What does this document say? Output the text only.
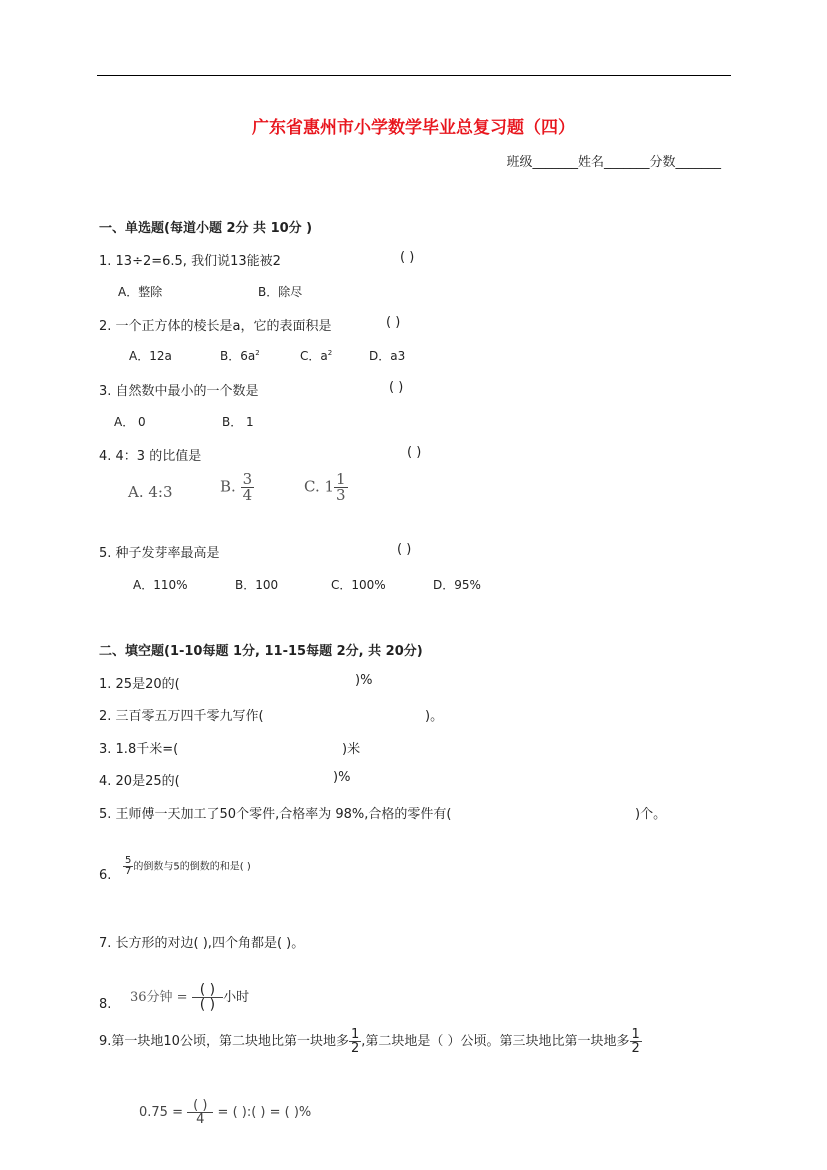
广东省惠州市小学数学毕业总复习题（四）
班级_______姓名_______分数_______
一、单选题(每道小题 2分 共 10分 )
1. 13÷2=6.5, 我们说13能被2	( )
A．整除	B．除尽
2. 一个正方体的棱长是a，它的表面积是	( )
A．12a	B．$6a^2$	C．$a^2$	D．a3
3. 自然数中最小的一个数是	( )
A． 0	B． 1
4. 4：3 的比值是	( )
A. 4:3	B. $\frac{3}{4}$	C. $1 \frac{1}{3}$
5. 种子发芽率最高是	( )
A．110%	B．100	C．100%	D．95%
二、填空题(1-10每题 1分, 11-15每题 2分, 共 20分)
1. 25是20的(	)%
2. 三百零五万四千零九写作(	)。
3. 1.8千米=(	)米
4. 20是25的(	)%
5. 王师傅一天加工了50个零件,合格率为 98%,合格的零件有(	)个。
6. $\frac{5}{7}$ 的倒数与5的倒数的和是( )
7. 长方形的对边( ),四个角都是( )。
8. 36分钟 = $\frac{( )}{( )}$ 小时
9.第一块地10公顷，第二块地比第一块地多 $\frac{1}{2}$ ,第二块地是（ ）公顷。第三块地比第一块地多 $\frac{1}{2}$
$0.75 = \frac{( )}{4}$ = ( ):( ) = ( )%
